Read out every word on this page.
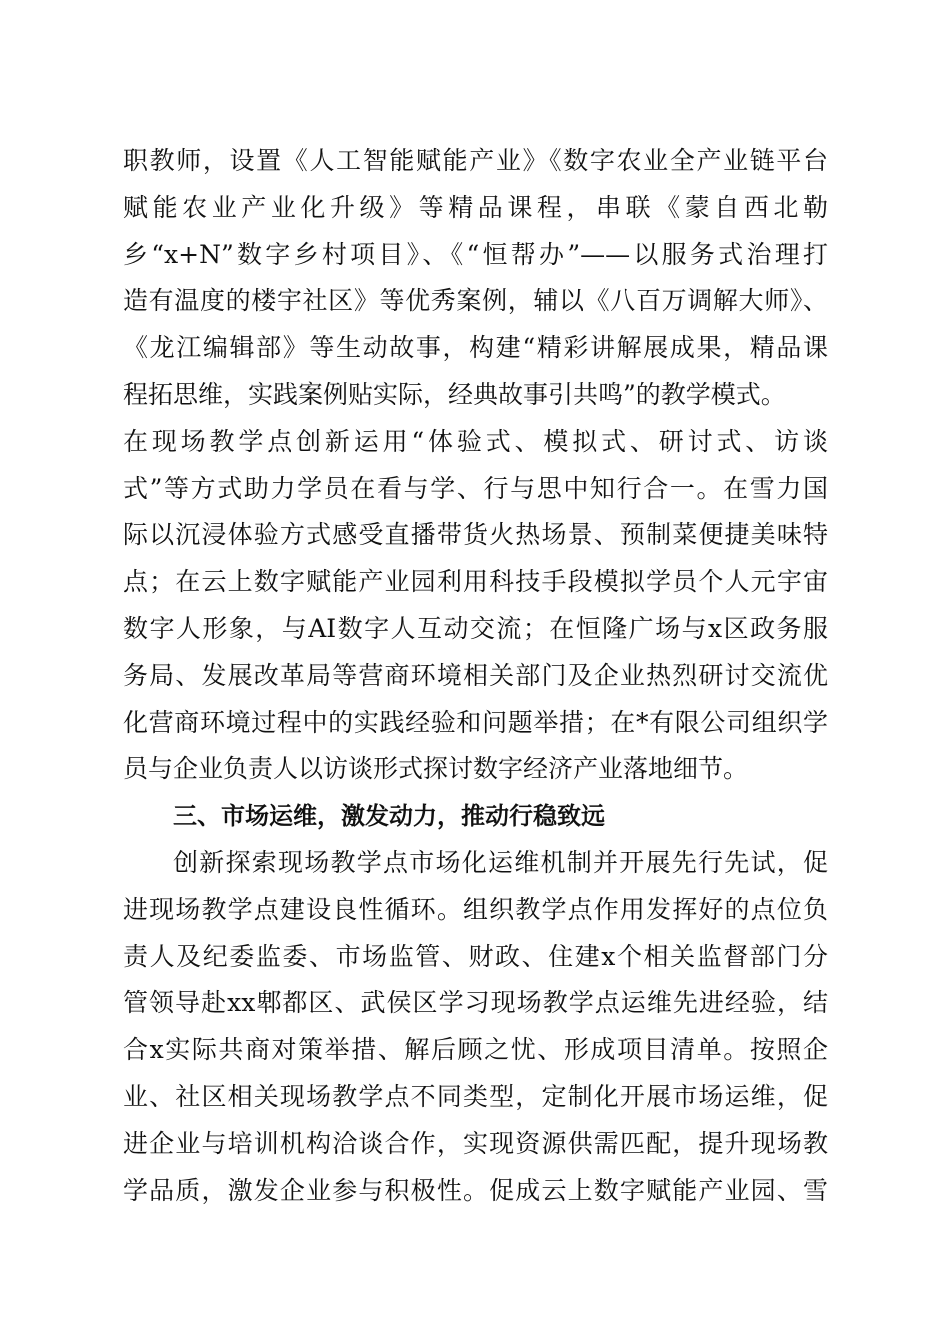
职教师，设置《人工智能赋能产业》《数字农业全产业链平台
赋能农业产业化升级》等精品课程，串联《蒙自西北勒
乡“x+N”数字乡村项目》、《“恒帮办”——以服务式治理打
造有温度的楼宇社区》等优秀案例，辅以《八百万调解大师》、
《龙江编辑部》等生动故事，构建“精彩讲解展成果，精品课
程拓思维，实践案例贴实际，经典故事引共鸣”的教学模式。
在现场教学点创新运用“体验式、模拟式、研讨式、访谈
式”等方式助力学员在看与学、行与思中知行合一。在雪力国
际以沉浸体验方式感受直播带货火热场景、预制菜便捷美味特
点；在云上数字赋能产业园利用科技手段模拟学员个人元宇宙
数字人形象，与AI数字人互动交流；在恒隆广场与x区政务服
务局、发展改革局等营商环境相关部门及企业热烈研讨交流优
化营商环境过程中的实践经验和问题举措；在*有限公司组织学
员与企业负责人以访谈形式探讨数字经济产业落地细节。
三、市场运维，激发动力，推动行稳致远
创新探索现场教学点市场化运维机制并开展先行先试，促
进现场教学点建设良性循环。组织教学点作用发挥好的点位负
责人及纪委监委、市场监管、财政、住建x个相关监督部门分
管领导赴xx郫都区、武侯区学习现场教学点运维先进经验，结
合x实际共商对策举措、解后顾之忧、形成项目清单。按照企
业、社区相关现场教学点不同类型，定制化开展市场运维，促
进企业与培训机构洽谈合作，实现资源供需匹配，提升现场教
学品质，激发企业参与积极性。促成云上数字赋能产业园、雪
